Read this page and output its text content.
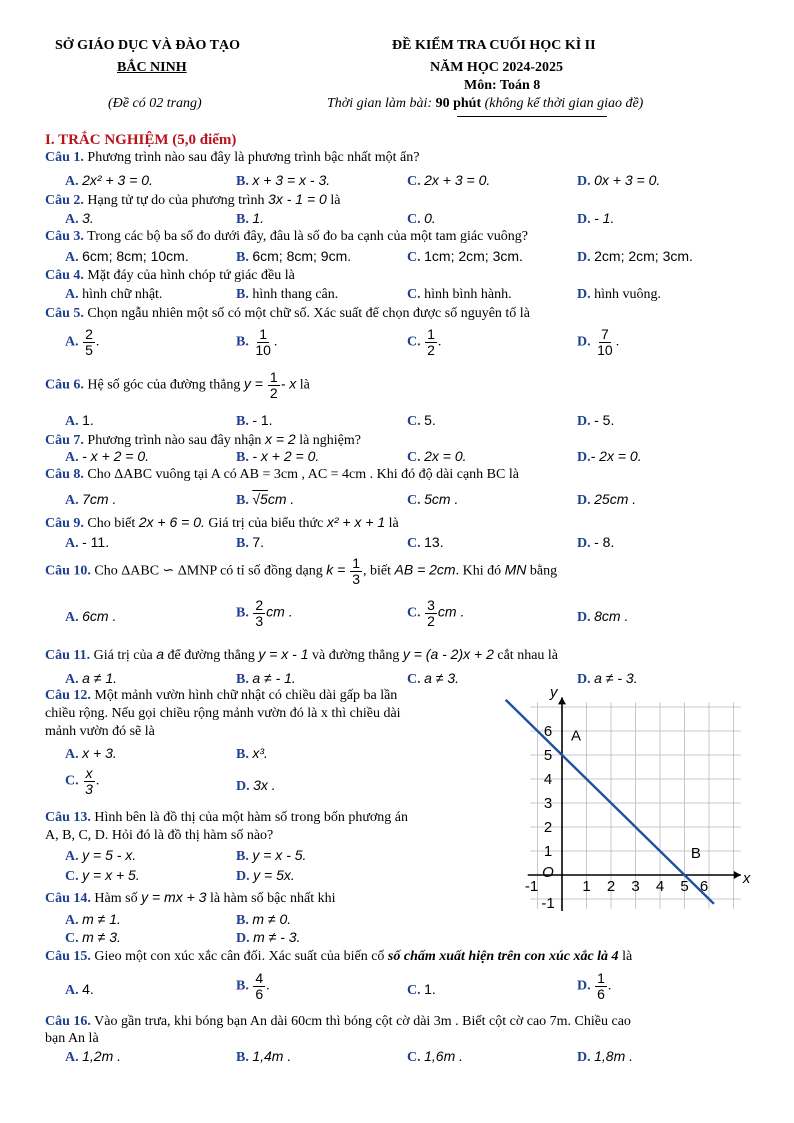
SỞ GIÁO DỤC VÀ ĐÀO TẠO
BẮC NINH
(Đề có 02 trang)
ĐỀ KIỂM TRA CUỐI HỌC KÌ II
NĂM HỌC 2024-2025
Môn: Toán 8
Thời gian làm bài: 90 phút (không kể thời gian giao đề)
I. TRẮC NGHIỆM (5,0 điểm)
Câu 1. Phương trình nào sau đây là phương trình bậc nhất một ẩn?
A. 2x² + 3 = 0.	B. x + 3 = x - 3.	C. 2x + 3 = 0.	D. 0x + 3 = 0.
Câu 2. Hạng tử tự do của phương trình 3x - 1 = 0 là
A. 3.	B. 1.	C. 0.	D. - 1.
Câu 3. Trong các bộ ba số đo dưới đây, đâu là số đo ba cạnh của một tam giác vuông?
A. 6cm; 8cm; 10cm.	B. 6cm; 8cm; 9cm.	C. 1cm; 2cm; 3cm.	D. 2cm; 2cm; 3cm.
Câu 4. Mặt đáy của hình chóp tứ giác đều là
A. hình chữ nhật.	B. hình thang cân.	C. hình bình hành.	D. hình vuông.
Câu 5. Chọn ngẫu nhiên một số có một chữ số. Xác suất để chọn được số nguyên tố là
A. $\frac{2}{5}$ .	B. $\frac{1}{10}$ .	C. $\frac{1}{2}$ .	D. $\frac{7}{10}$ .
Câu 6. Hệ số góc của đường thẳng $y = \frac{1}{2} - x$ là
A. 1.	B. - 1.	C. 5.	D. - 5.
Câu 7. Phương trình nào sau đây nhận x = 2 là nghiệm?
A. - x + 2 = 0.	B. - x + 2 = 0.	C. 2x = 0.	D.- 2x = 0.
Câu 8. Cho ΔABC vuông tại A có AB = 3cm , AC = 4cm . Khi đó độ dài cạnh BC là
A. 7cm .	B. √5cm .	C. 5cm .	D. 25cm .
Câu 9. Cho biết 2x + 6 = 0. Giá trị của biểu thức x² + x + 1 là
A. - 11.	B. 7.	C. 13.	D. - 8.
Câu 10. Cho ΔABC ∽ ΔMNP có tỉ số đồng dạng $k = \frac{1}{3}$ , biết AB = 2cm. Khi đó MN bằng
A. 6cm .	B. $\frac{2}{3}$ cm .	C. $\frac{3}{2}$ cm .	D. 8cm .
Câu 11. Giá trị của a để đường thẳng y = x - 1 và đường thẳng y = (a - 2)x + 2 cắt nhau là
A. a ≠ 1.	B. a ≠ - 1.	C. a ≠ 3.	D. a ≠ - 3.
Câu 12. Một mảnh vườn hình chữ nhật có chiều dài gấp ba lần
chiều rộng. Nếu gọi chiều rộng mảnh vườn đó là x thì chiều dài
mảnh vườn đó sẽ là
A. x + 3.	B. x³.
C. $\frac{x}{3}$ .	D. 3x .
Câu 13. Hình bên là đồ thị của một hàm số trong bốn phương án
A, B, C, D. Hỏi đó là đồ thị hàm số nào?
A. y = 5 - x.	B. y = x - 5.
C. y = x + 5.	D. y = 5x.
Câu 14. Hàm số y = mx + 3 là hàm số bậc nhất khi
A. m ≠ 1.	B. m ≠ 0.
C. m ≠ 3.	D. m ≠ - 3.
Câu 15. Gieo một con xúc xắc cân đối. Xác suất của biến cố số chấm xuất hiện trên con xúc xắc là 4 là
A. 4.	B. $\frac{4}{6}$ .	C. 1.	D. $\frac{1}{6}$ .
Câu 16. Vào gần trưa, khi bóng bạn An dài 60cm thì bóng cột cờ dài 3m . Biết cột cờ cao 7m. Chiều cao
bạn An là
A. 1,2m .	B. 1,4m .	C. 1,6m .	D. 1,8m .
-1	1 2 3 4 5 6
6
5
4
3
2
1
-1
O
y
x
A
B
